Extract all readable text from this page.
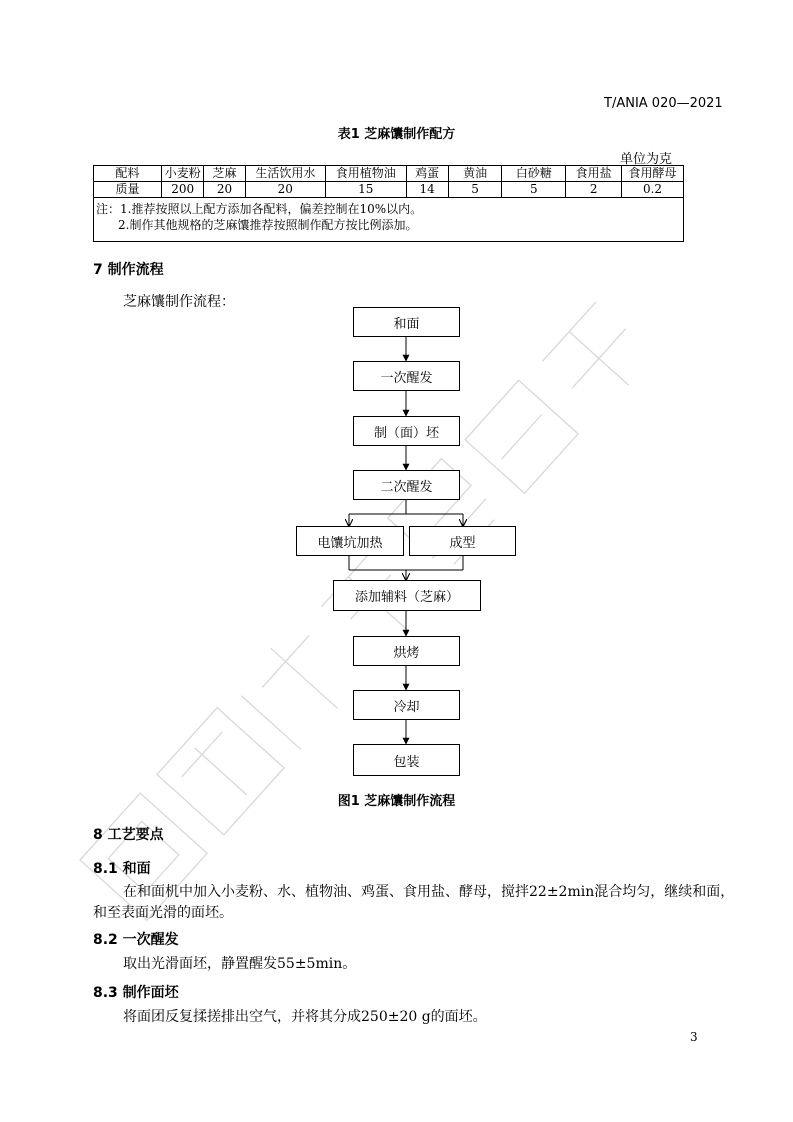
T/ANIA 020—2021
表1 芝麻馕制作配方
单位为克
配料	小麦粉	芝麻	生活饮用水	食用植物油	鸡蛋	黄油	白砂糖	食用盐	食用酵母
质量	200	20	20	15	14	5	5	2	0.2

注：1.推荐按照以上配方添加各配料，偏差控制在10%以内。
2.制作其他规格的芝麻馕推荐按照制作配方按比例添加。									
7 制作流程
芝麻馕制作流程：
和面
一次醒发
制（面）坯
二次醒发
电馕坑加热	成型
添加辅料（芝麻）
烘烤
冷却
包装
图1 芝麻馕制作流程
8 工艺要点
8.1 和面
在和面机中加入小麦粉、水、植物油、鸡蛋、食用盐、酵母，搅拌22±2min混合均匀，继续和面，
和至表面光滑的面坯。
8.2 一次醒发
取出光滑面坯，静置醒发55±5min。
8.3 制作面坯
将面团反复揉搓排出空气，并将其分成250±20 g的面坯。
3
